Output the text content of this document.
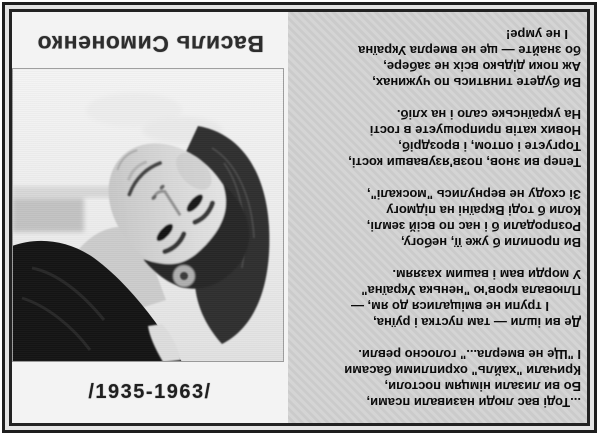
Василь Симоненко
/1935-1963/	...Тоді вас люди називали псами,
Бо ви лизали німцям постоли,
Кричали "хайль" охриплими басами
І "Ще не вмерла..." голосно ревли.
Де ви ішли — там пустка і руїна,
І трупи не вміщалися до ям, —
Плювала кров'ю "ненька Україна"
У морди вам і вашим хазяям.
Ви пропили б уже її, небогу,
Розпродали б і нас по всій землі,
Коли б тоді Вкраїні на підмогу
Зі сходу не вернулись "москалі",
Тепер ви знов, позв'язувавши кості,
Торгуєте і оптом, і вроздріб,
Нових катів припрошуєте в гості
На українське сало і на хліб.
Ви будете тинятись по чужинах,
Аж поки дідько всіх не забере,
бо знайте — ще не вмерла Україна
І не умре!
